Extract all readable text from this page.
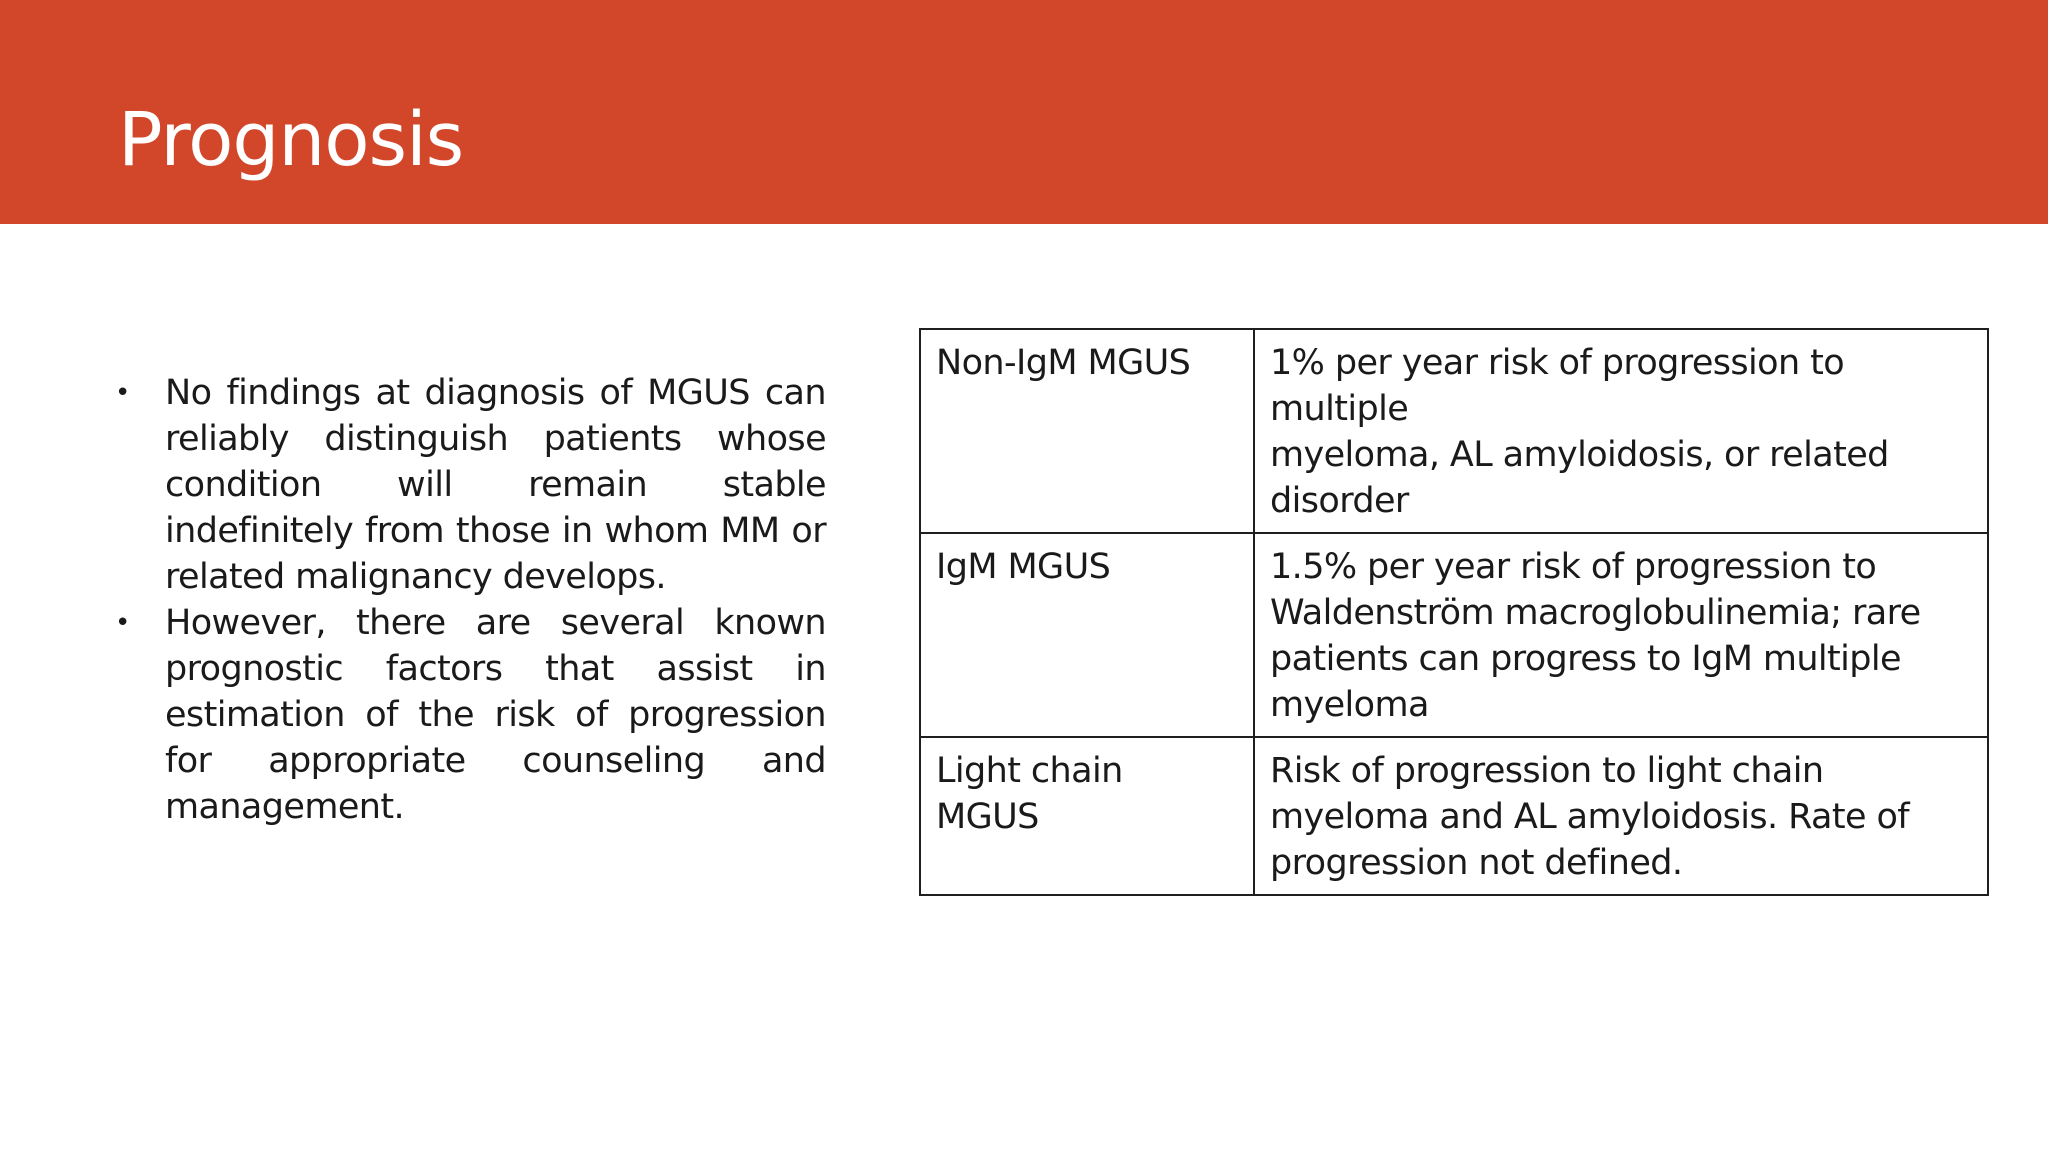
Prognosis
• No findings at diagnosis of MGUS can reliably distinguish patients whose condition will remain stable indefinitely from those in whom MM or related malignancy develops.
• However, there are several known prognostic factors that assist in estimation of the risk of progression for appropriate counseling and management.
Non-IgM MGUS	1% per year risk of progression to
multiple
myeloma, AL amyloidosis, or related
disorder

IgM MGUS	1.5% per year risk of progression to
Waldenström macroglobulinemia; rare
patients can progress to IgM multiple
myeloma

Light chain
MGUS	Risk of progression to light chain
myeloma and AL amyloidosis. Rate of
progression not defined.
